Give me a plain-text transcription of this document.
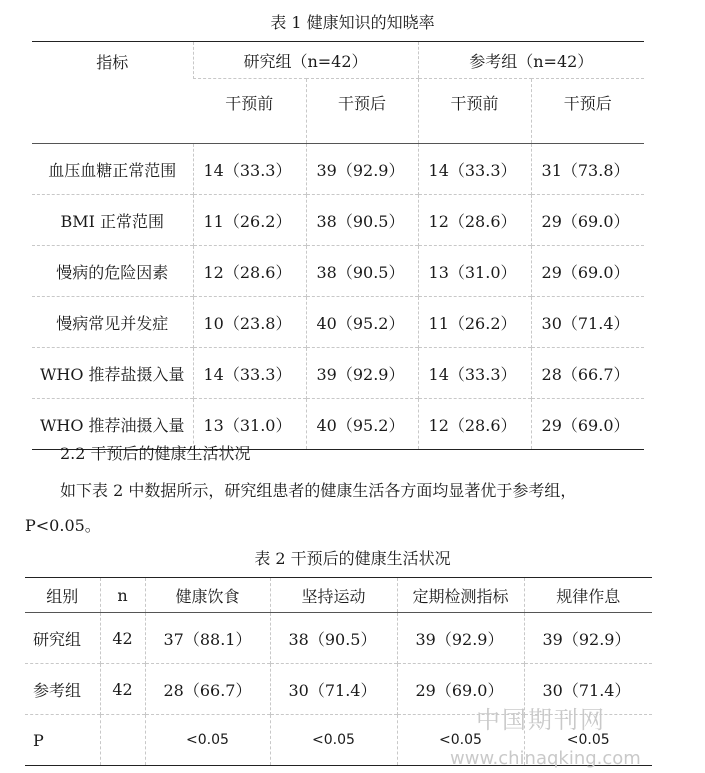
表 1 健康知识的知晓率
指标	研究组（n=42）		参考组（n=42）	
	干预前	干预后	干预前	干预后
血压血糖正常范围	14（33.3）	39（92.9）	14（33.3）	31（73.8）
BMI 正常范围	11（26.2）	38（90.5）	12（28.6）	29（69.0）
慢病的危险因素	12（28.6）	38（90.5）	13（31.0）	29（69.0）
慢病常见并发症	10（23.8）	40（95.2）	11（26.2）	30（71.4）
WHO 推荐盐摄入量	14（33.3）	39（92.9）	14（33.3）	28（66.7）
WHO 推荐油摄入量	13（31.0）	40（95.2）	12（28.6）	29（69.0）
2.2 干预后的健康生活状况
如下表 2 中数据所示，研究组患者的健康生活各方面均显著优于参考组，
P<0.05。
表 2 干预后的健康生活状况
组别	n	健康饮食	坚持运动	定期检测指标	规律作息
研究组	42	37（88.1）	38（90.5）	39（92.9）	39（92.9）
参考组	42	28（66.7）	30（71.4）	29（69.0）	30（71.4）
P		<0.05	<0.05	<0.05	<0.05
中国期刊网
www.chinaqking.com
